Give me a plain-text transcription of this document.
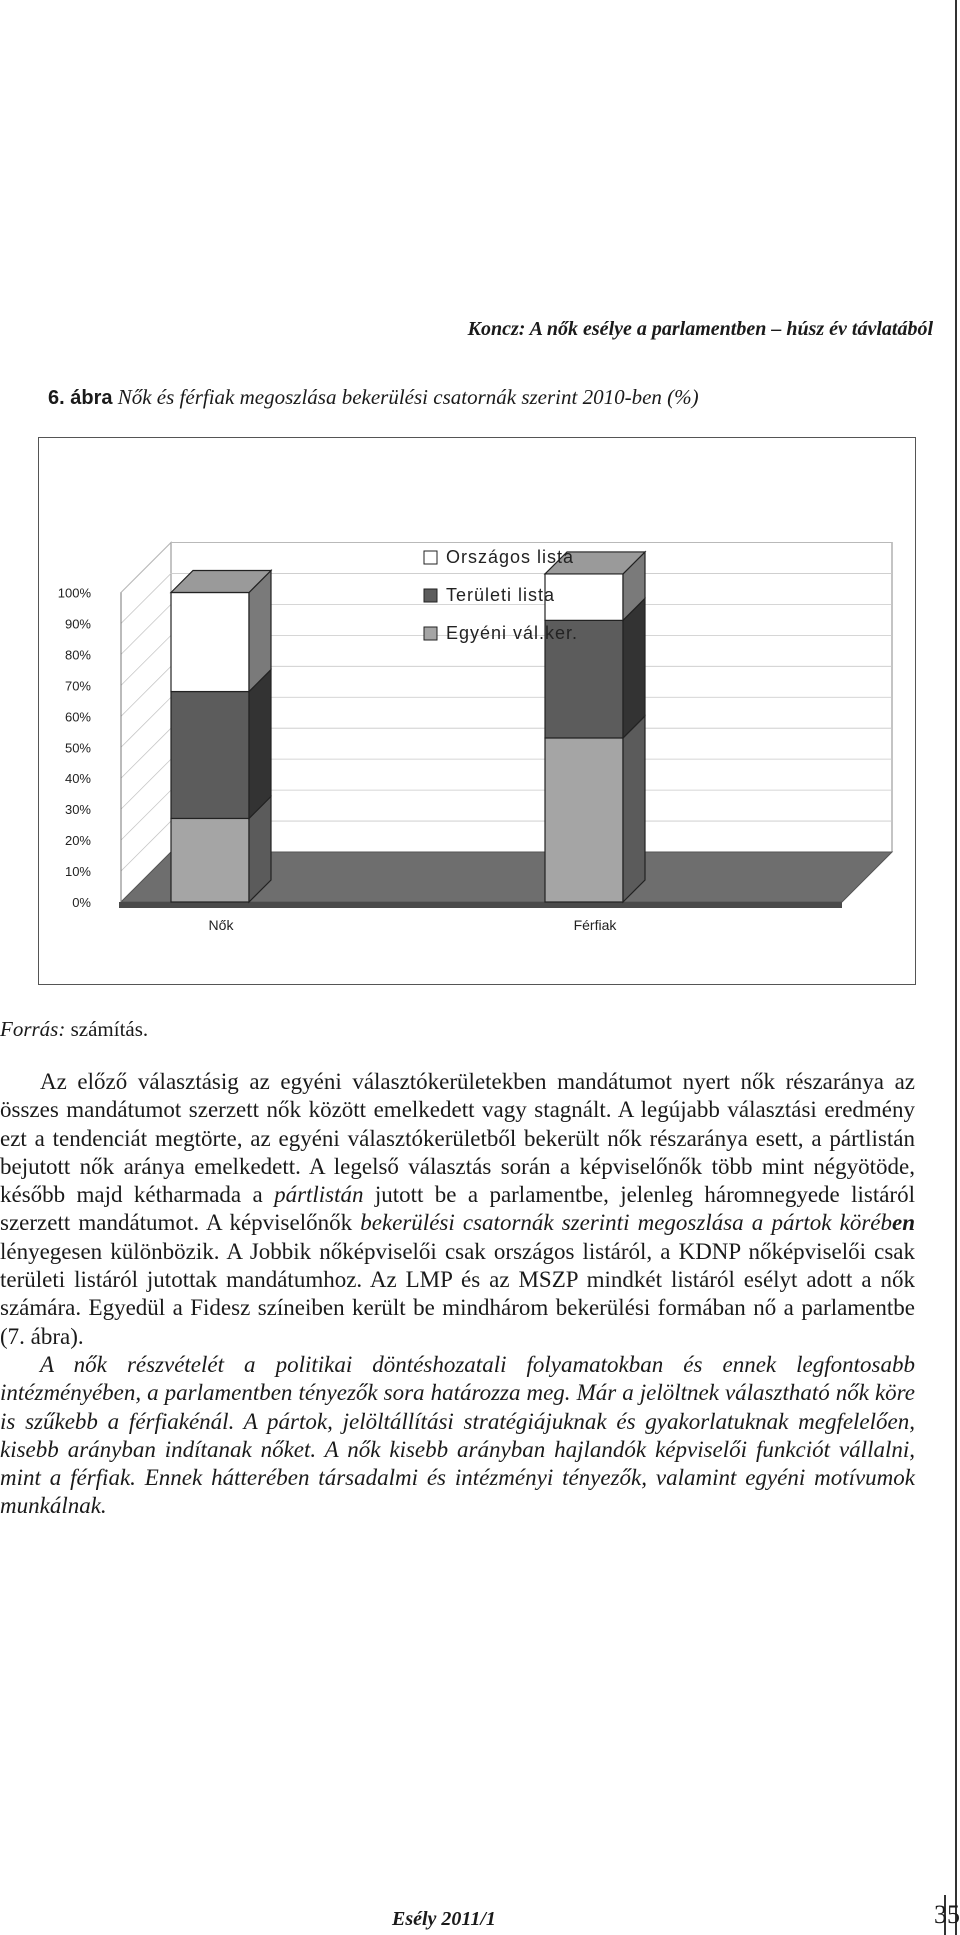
Koncz: A nők esélye a parlamentben – húsz év távlatából
6. ábra Nők és férfiak megoszlása bekerülési csatornák szerint 2010-ben (%)
0%
10%
20%
30%
40%
50%
60%
70%
80%
90%
100%
Nők	Férfiak
Országos lista
Területi lista
Egyéni vál.ker.
Forrás: számítás.

Az előző választásig az egyéni választókerületekben mandátumot nyert nők részaránya az összes mandátumot szerzett nők között emelkedett vagy stagnált. A legújabb választási eredmény ezt a tendenciát megtörte, az egyéni választókerületből bekerült nők részaránya esett, a pártlistán bejutott nők aránya emelkedett. A legelső választás során a képviselőnők több mint négyötöde, később majd kétharmada a pártlistán jutott be a parlamentbe, jelenleg háromnegyede listáról szerzett mandátumot. A képviselőnők bekerülési csatornák szerinti megoszlása a pártok körében lényegesen különbözik. A Jobbik nőképviselői csak országos listáról, a KDNP nőképviselői csak területi listáról jutottak mandátumhoz. Az LMP és az MSZP mindkét listáról esélyt adott a nők számára. Egyedül a Fidesz színeiben került be mindhárom bekerülési formában nő a parlamentbe (7. ábra).

A nők részvételét a politikai döntéshozatali folyamatokban és ennek legfontosabb intézményében, a parlamentben tényezők sora határozza meg. Már a jelöltnek választható nők köre is szűkebb a férfiakénál. A pártok, jelöltállítási stratégiájuknak és gyakorlatuknak megfelelően, kisebb arányban indítanak nőket. A nők kisebb arányban hajlandók képviselői funkciót vállalni, mint a férfiak. Ennek hátterében társadalmi és intézményi tényezők, valamint egyéni motívumok munkálnak.

Esély 2011/1	35
